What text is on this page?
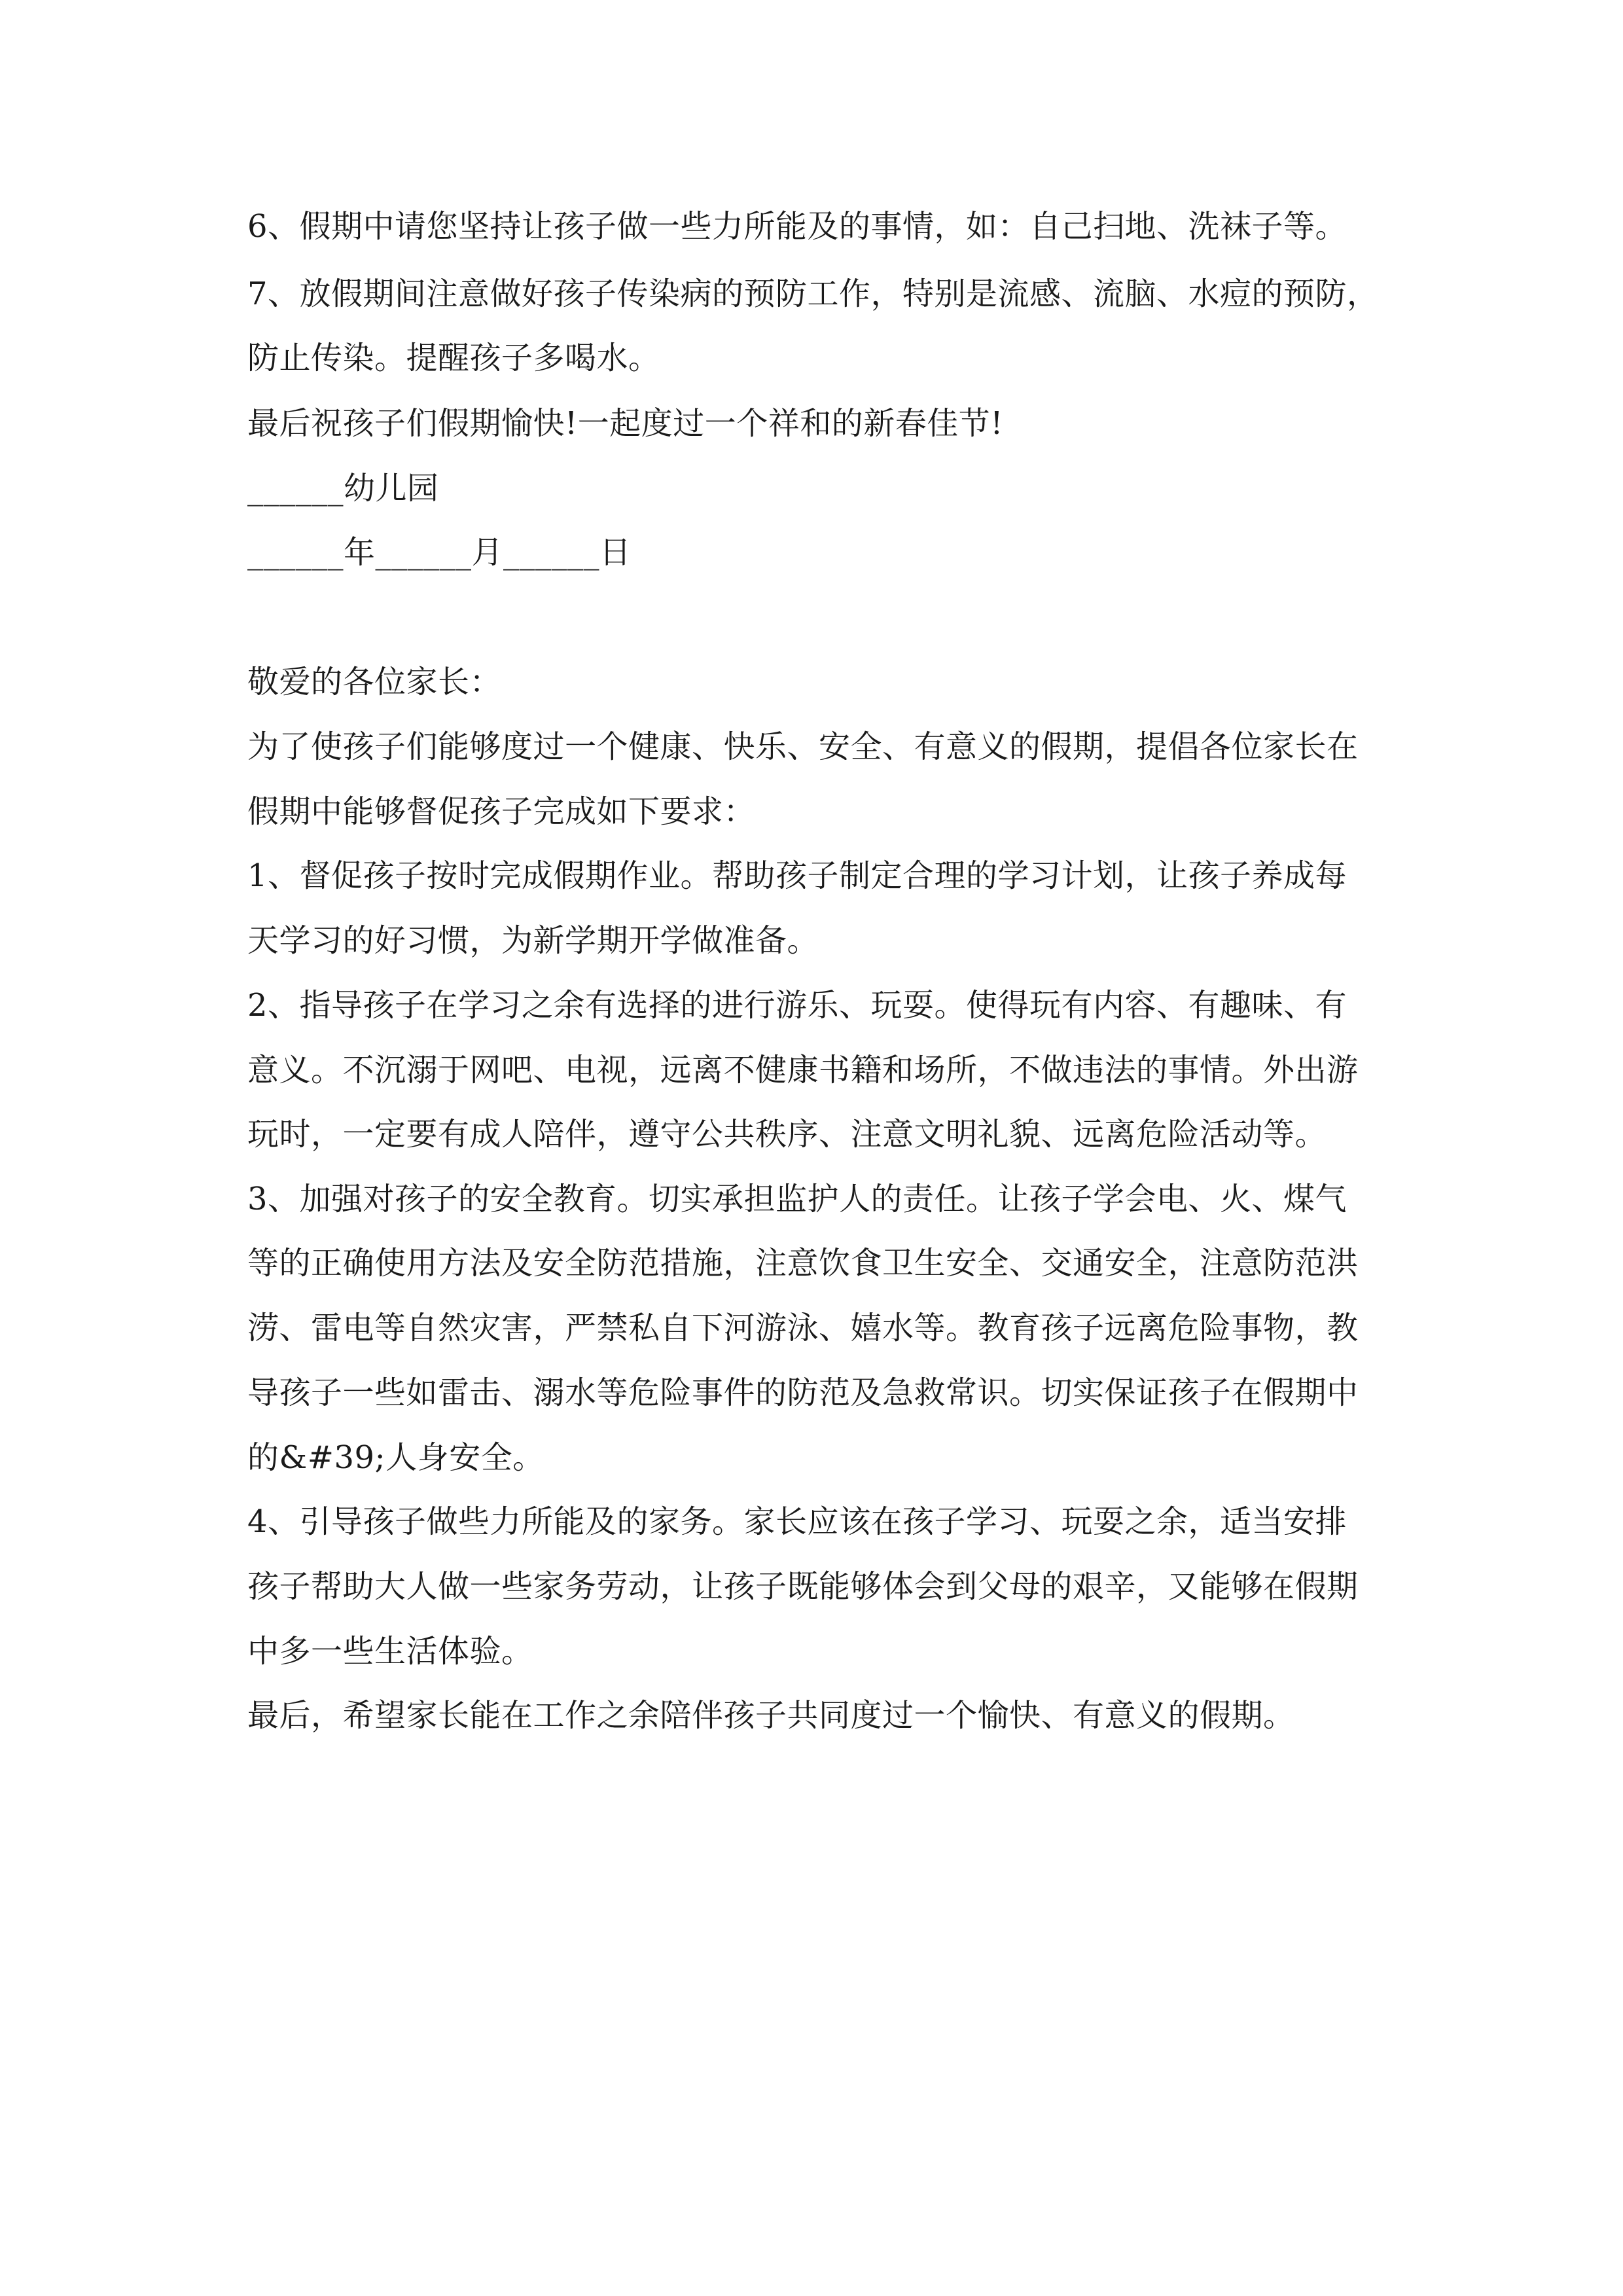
6、假期中请您坚持让孩子做一些力所能及的事情，如：自己扫地、洗袜子等。
7、放假期间注意做好孩子传染病的预防工作，特别是流感、流脑、水痘的预防，
防止传染。提醒孩子多喝水。
最后祝孩子们假期愉快!一起度过一个祥和的新春佳节!
______幼儿园
______年______月______日
敬爱的各位家长：
为了使孩子们能够度过一个健康、快乐、安全、有意义的假期，提倡各位家长在
假期中能够督促孩子完成如下要求：
1、督促孩子按时完成假期作业。帮助孩子制定合理的学习计划，让孩子养成每
天学习的好习惯，为新学期开学做准备。
2、指导孩子在学习之余有选择的进行游乐、玩耍。使得玩有内容、有趣味、有
意义。不沉溺于网吧、电视，远离不健康书籍和场所，不做违法的事情。外出游
玩时，一定要有成人陪伴，遵守公共秩序、注意文明礼貌、远离危险活动等。
3、加强对孩子的安全教育。切实承担监护人的责任。让孩子学会电、火、煤气
等的正确使用方法及安全防范措施，注意饮食卫生安全、交通安全，注意防范洪
涝、雷电等自然灾害，严禁私自下河游泳、嬉水等。教育孩子远离危险事物，教
导孩子一些如雷击、溺水等危险事件的防范及急救常识。切实保证孩子在假期中
的&#39;人身安全。
4、引导孩子做些力所能及的家务。家长应该在孩子学习、玩耍之余，适当安排
孩子帮助大人做一些家务劳动，让孩子既能够体会到父母的艰辛，又能够在假期
中多一些生活体验。
最后，希望家长能在工作之余陪伴孩子共同度过一个愉快、有意义的假期。
